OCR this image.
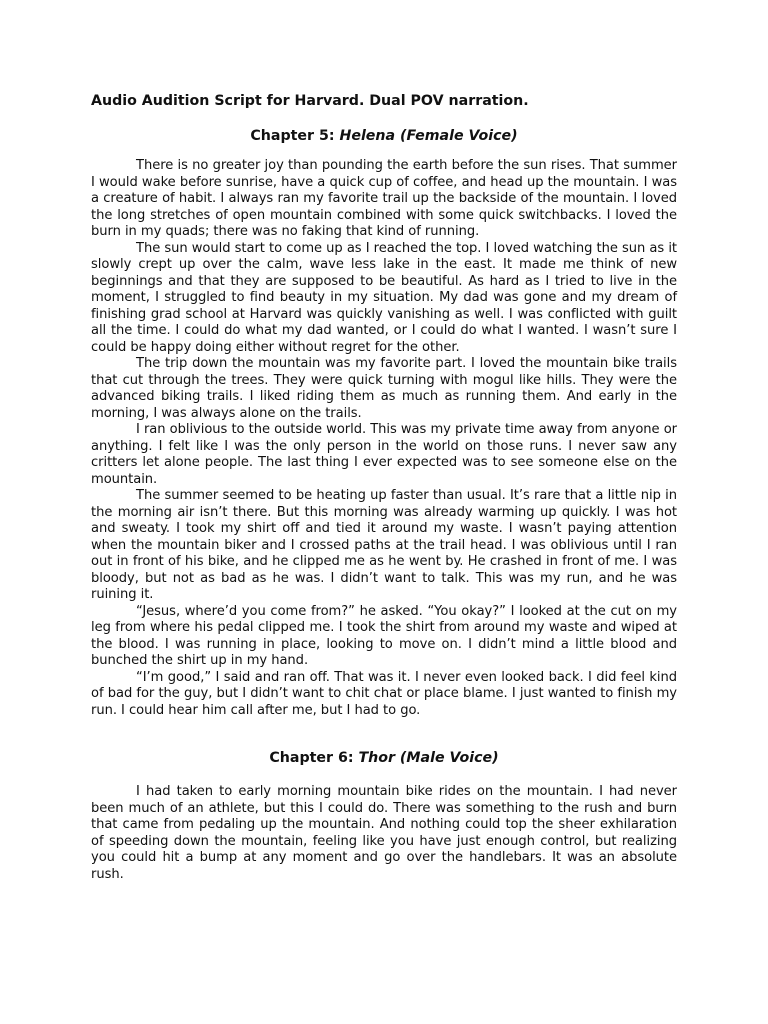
Audio Audition Script for Harvard. Dual POV narration.
Chapter 5: Helena (Female Voice)

There is no greater joy than pounding the earth before the sun rises. That summer I would wake before sunrise, have a quick cup of coffee, and head up the mountain. I was a creature of habit. I always ran my favorite trail up the backside of the mountain. I loved the long stretches of open mountain combined with some quick switchbacks. I loved the burn in my quads; there was no faking that kind of running.

The sun would start to come up as I reached the top. I loved watching the sun as it slowly crept up over the calm, wave less lake in the east. It made me think of new beginnings and that they are supposed to be beautiful. As hard as I tried to live in the moment, I struggled to find beauty in my situation. My dad was gone and my dream of finishing grad school at Harvard was quickly vanishing as well. I was conflicted with guilt all the time. I could do what my dad wanted, or I could do what I wanted. I wasn’t sure I could be happy doing either without regret for the other.

The trip down the mountain was my favorite part. I loved the mountain bike trails that cut through the trees. They were quick turning with mogul like hills. They were the advanced biking trails. I liked riding them as much as running them. And early in the morning, I was always alone on the trails.

I ran oblivious to the outside world. This was my private time away from anyone or anything. I felt like I was the only person in the world on those runs. I never saw any critters let alone people. The last thing I ever expected was to see someone else on the mountain.

The summer seemed to be heating up faster than usual. It’s rare that a little nip in the morning air isn’t there. But this morning was already warming up quickly. I was hot and sweaty. I took my shirt off and tied it around my waste. I wasn’t paying attention when the mountain biker and I crossed paths at the trail head. I was oblivious until I ran out in front of his bike, and he clipped me as he went by. He crashed in front of me. I was bloody, but not as bad as he was. I didn’t want to talk. This was my run, and he was ruining it.

“Jesus, where’d you come from?” he asked. “You okay?” I looked at the cut on my leg from where his pedal clipped me. I took the shirt from around my waste and wiped at the blood. I was running in place, looking to move on. I didn’t mind a little blood and bunched the shirt up in my hand.

“I’m good,” I said and ran off. That was it. I never even looked back. I did feel kind of bad for the guy, but I didn’t want to chit chat or place blame. I just wanted to finish my run. I could hear him call after me, but I had to go.

Chapter 6: Thor (Male Voice)

I had taken to early morning mountain bike rides on the mountain. I had never been much of an athlete, but this I could do. There was something to the rush and burn that came from pedaling up the mountain. And nothing could top the sheer exhilaration of speeding down the mountain, feeling like you have just enough control, but realizing you could hit a bump at any moment and go over the handlebars. It was an absolute rush.
